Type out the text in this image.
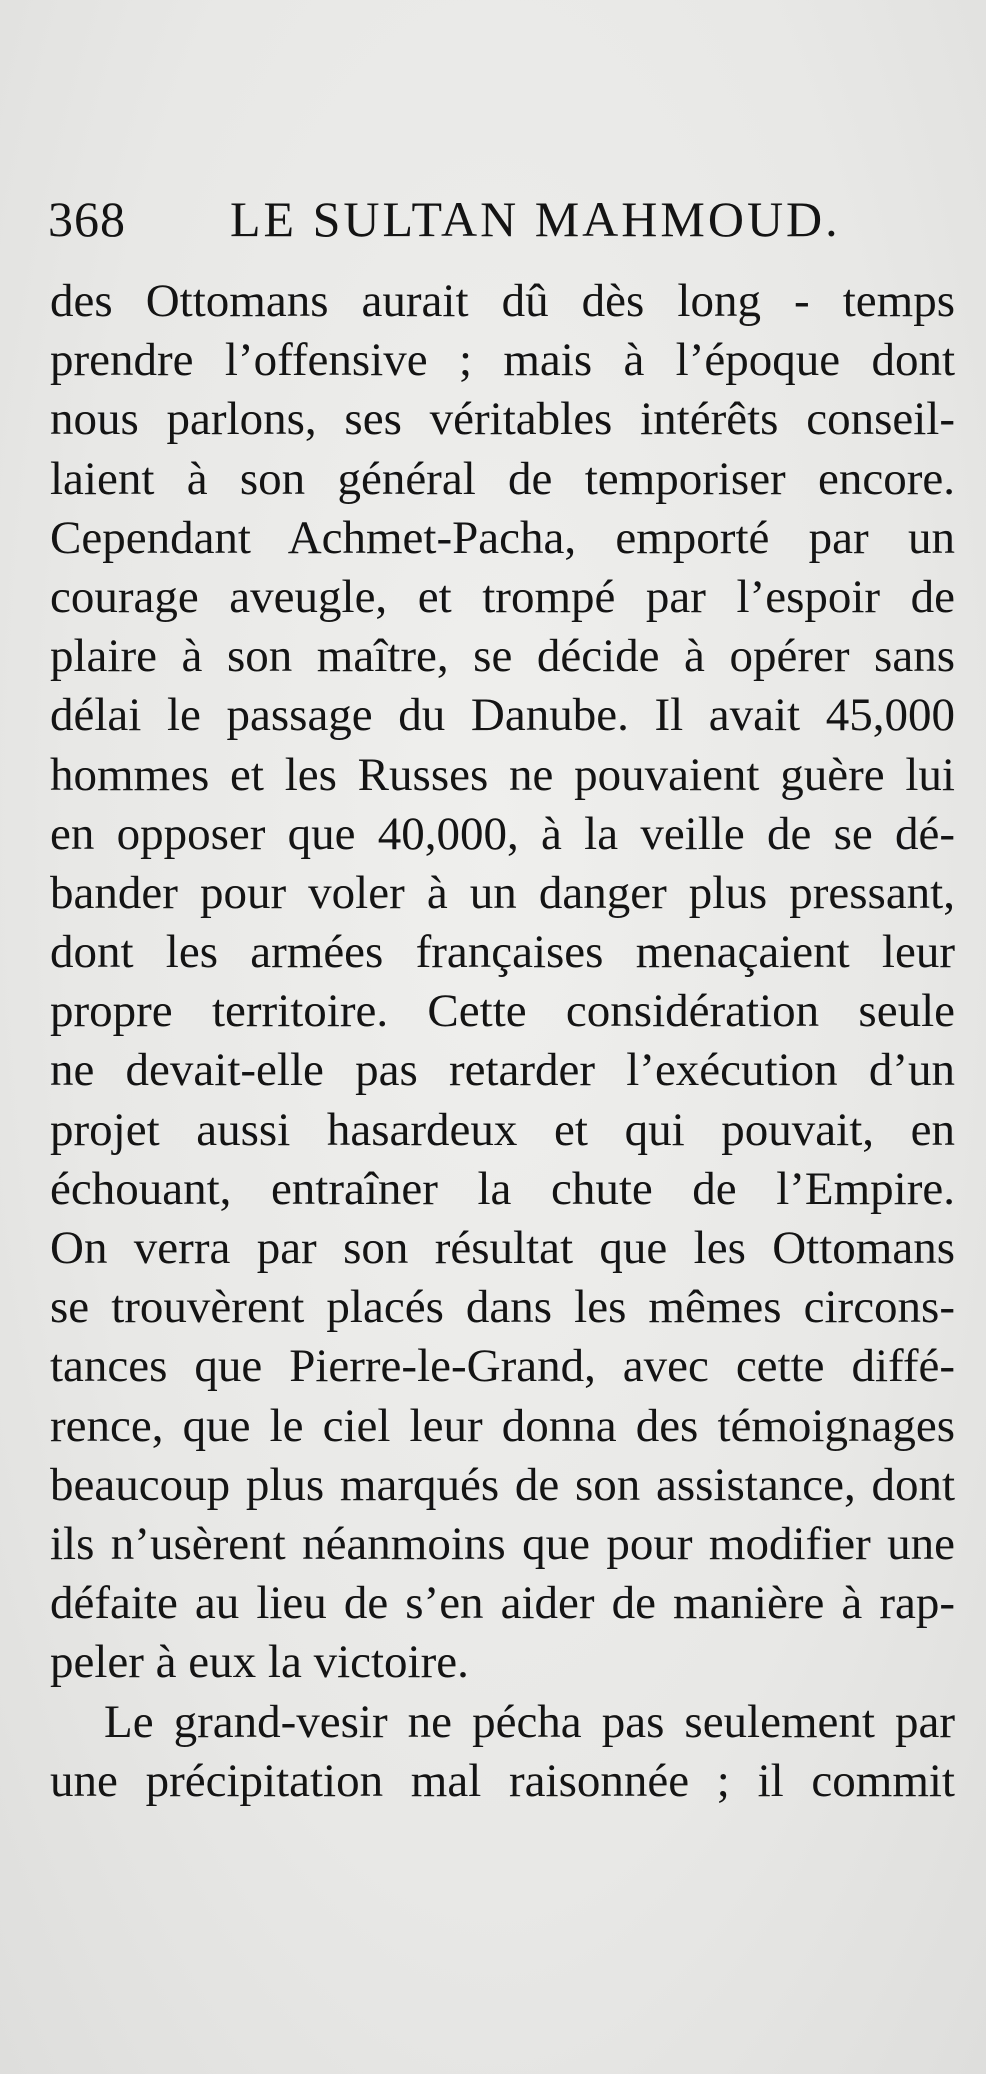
368 LE SULTAN MAHMOUD.
des Ottomans aurait dû dès long - temps
prendre l’offensive ; mais à l’époque dont
nous parlons, ses véritables intérêts conseil-
laient à son général de temporiser encore.
Cependant Achmet-Pacha, emporté par un
courage aveugle, et trompé par l’espoir de
plaire à son maître, se décide à opérer sans
délai le passage du Danube. Il avait 45,000
hommes et les Russes ne pouvaient guère lui
en opposer que 40,000, à la veille de se dé-
bander pour voler à un danger plus pressant,
dont les armées françaises menaçaient leur
propre territoire. Cette considération seule
ne devait-elle pas retarder l’exécution d’un
projet aussi hasardeux et qui pouvait, en
échouant, entraîner la chute de l’Empire.
On verra par son résultat que les Ottomans
se trouvèrent placés dans les mêmes circons-
tances que Pierre-le-Grand, avec cette diffé-
rence, que le ciel leur donna des témoignages
beaucoup plus marqués de son assistance, dont
ils n’usèrent néanmoins que pour modifier une
défaite au lieu de s’en aider de manière à rap-
peler à eux la victoire.
Le grand-vesir ne pécha pas seulement par
une précipitation mal raisonnée ; il commit
